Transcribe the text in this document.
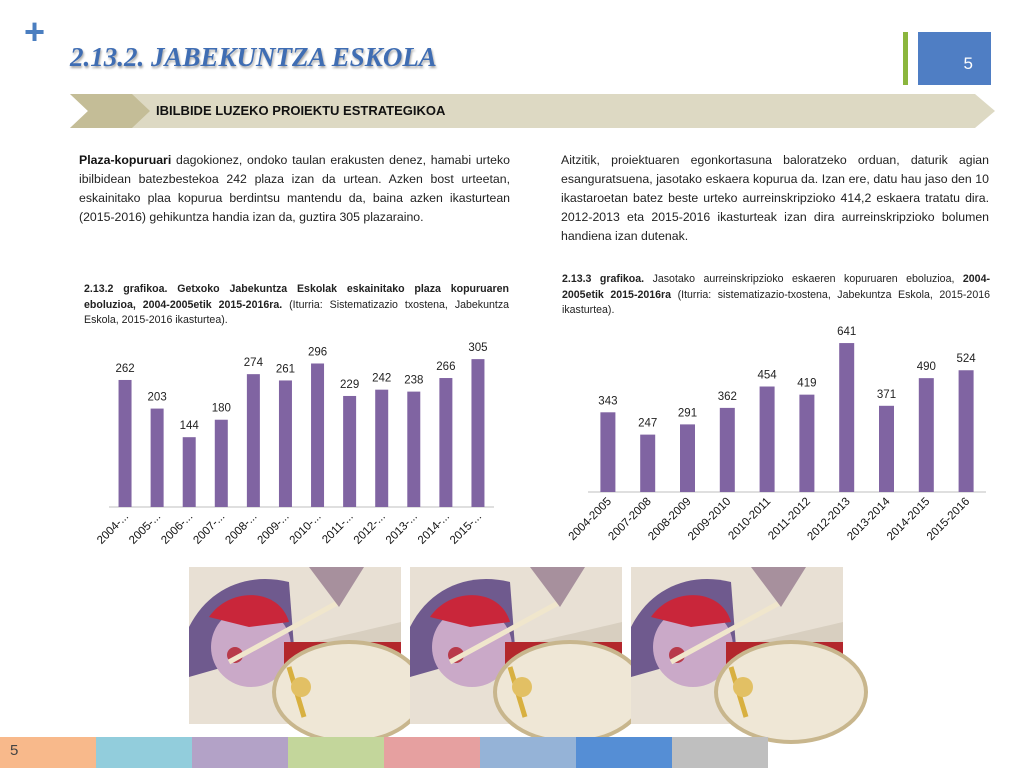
+
2.13.2. JABEKUNTZA ESKOLA	5
IBILBIDE LUZEKO PROIEKTU ESTRATEGIKOA
Plaza-kopuruari dagokionez, ondoko taulan erakusten denez, hamabi urteko ibilbidean batezbestekoa 242 plaza izan da urtean. Azken bost urteetan, eskainitako plaa kopurua berdintsu mantendu da, baina azken ikasturtean (2015-2016) gehikuntza handia izan da, guztira 305 plazaraino.
2.13.2 grafikoa. Getxoko Jabekuntza Eskolak eskainitako plaza kopuruaren eboluzioa, 2004-2005etik 2015-2016ra. (Iturria: Sistematizazio txostena, Jabekuntza Eskola, 2015-2016 ikasturtea).
262
2004-...
203
2005-...
144
2006-...
180
2007-...
274
2008-...
261
2009-...
296
2010-...
229
2011-...
242
2012-...
238
2013-...
266
2014-...
305
2015-...
Aitzitik, proiektuaren egonkortasuna baloratzeko orduan, daturik agian esanguratsuena, jasotako eskaera kopurua da. Izan ere, datu hau jaso den 10 ikastaroetan batez beste urteko aurreinskripzioko 414,2 eskaera tratatu dira. 2012-2013 eta 2015-2016 ikasturteak izan dira aurreinskripzioko bolumen handiena izan dutenak.
2.13.3 grafikoa. Jasotako aurreinskripzioko eskaeren kopuruaren eboluzioa, 2004-2005etik 2015-2016ra (Iturria: sistematizazio-txostena, Jabekuntza Eskola, 2015-2016 ikasturtea).
343
2004-2005
247
2007-2008
291
2008-2009
362
2009-2010
454
2010-2011
419
2011-2012
641
2012-2013
371
2013-2014
490
2014-2015
524
2015-2016
5
